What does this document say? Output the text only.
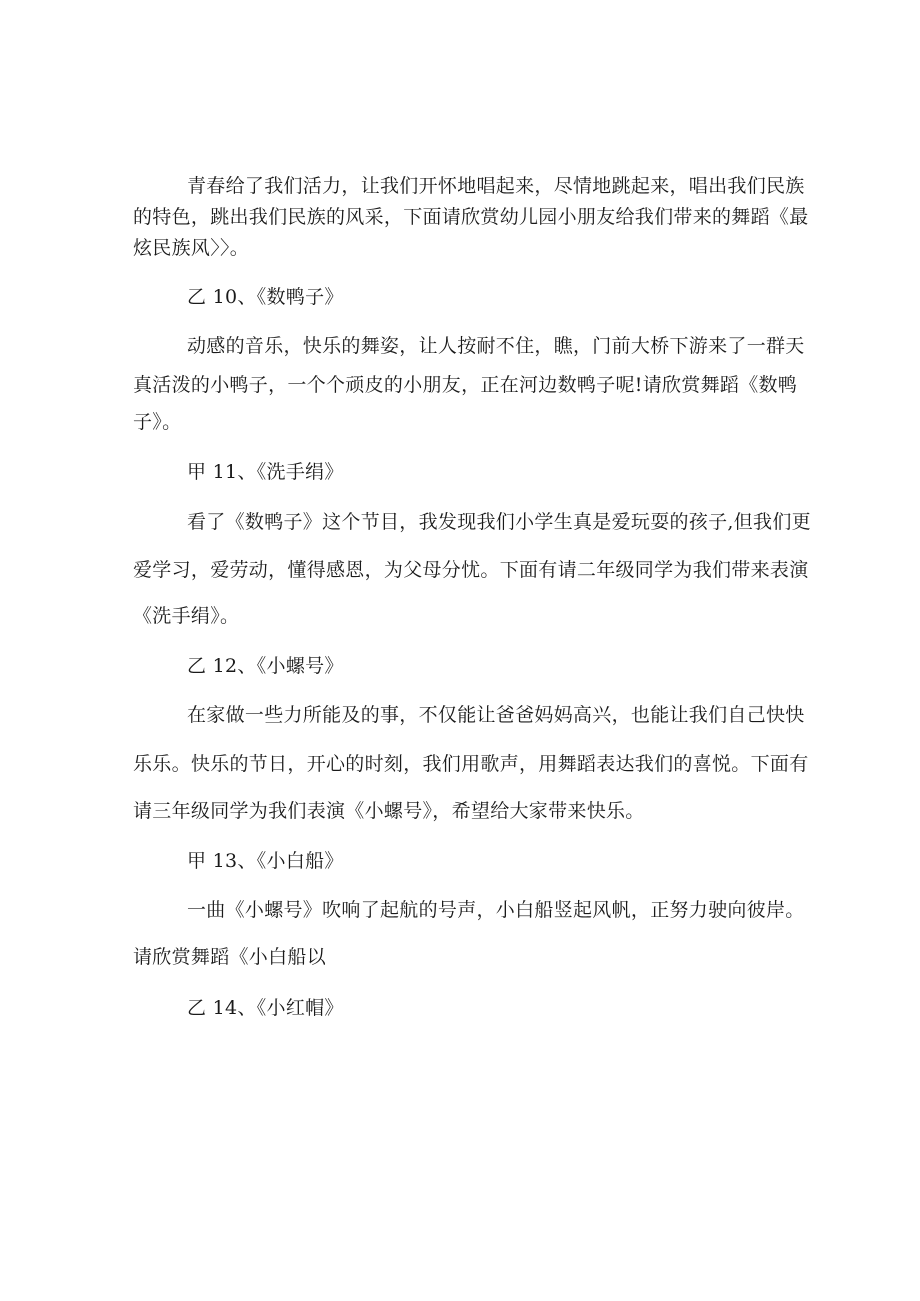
青春给了我们活力，让我们开怀地唱起来，尽情地跳起来，唱出我们民族
的特色，跳出我们民族的风采，下面请欣赏幼儿园小朋友给我们带来的舞蹈《最
炫民族风〉〉。
乙 10、《数鸭子》
动感的音乐，快乐的舞姿，让人按耐不住，瞧，门前大桥下游来了一群天
真活泼的小鸭子，一个个顽皮的小朋友，正在河边数鸭子呢!请欣赏舞蹈《数鸭
子》。
甲 11、《洗手绢》
看了《数鸭子》这个节目，我发现我们小学生真是爱玩耍的孩子,但我们更
爱学习，爱劳动，懂得感恩，为父母分忧。下面有请二年级同学为我们带来表演
《洗手绢》。
乙 12、《小螺号》
在家做一些力所能及的事，不仅能让爸爸妈妈高兴，也能让我们自己快快
乐乐。快乐的节日，开心的时刻，我们用歌声，用舞蹈表达我们的喜悦。下面有
请三年级同学为我们表演《小螺号》，希望给大家带来快乐。
甲 13、《小白船》
一曲《小螺号》吹响了起航的号声，小白船竖起风帆，正努力驶向彼岸。
请欣赏舞蹈《小白船以
乙 14、《小红帽》
